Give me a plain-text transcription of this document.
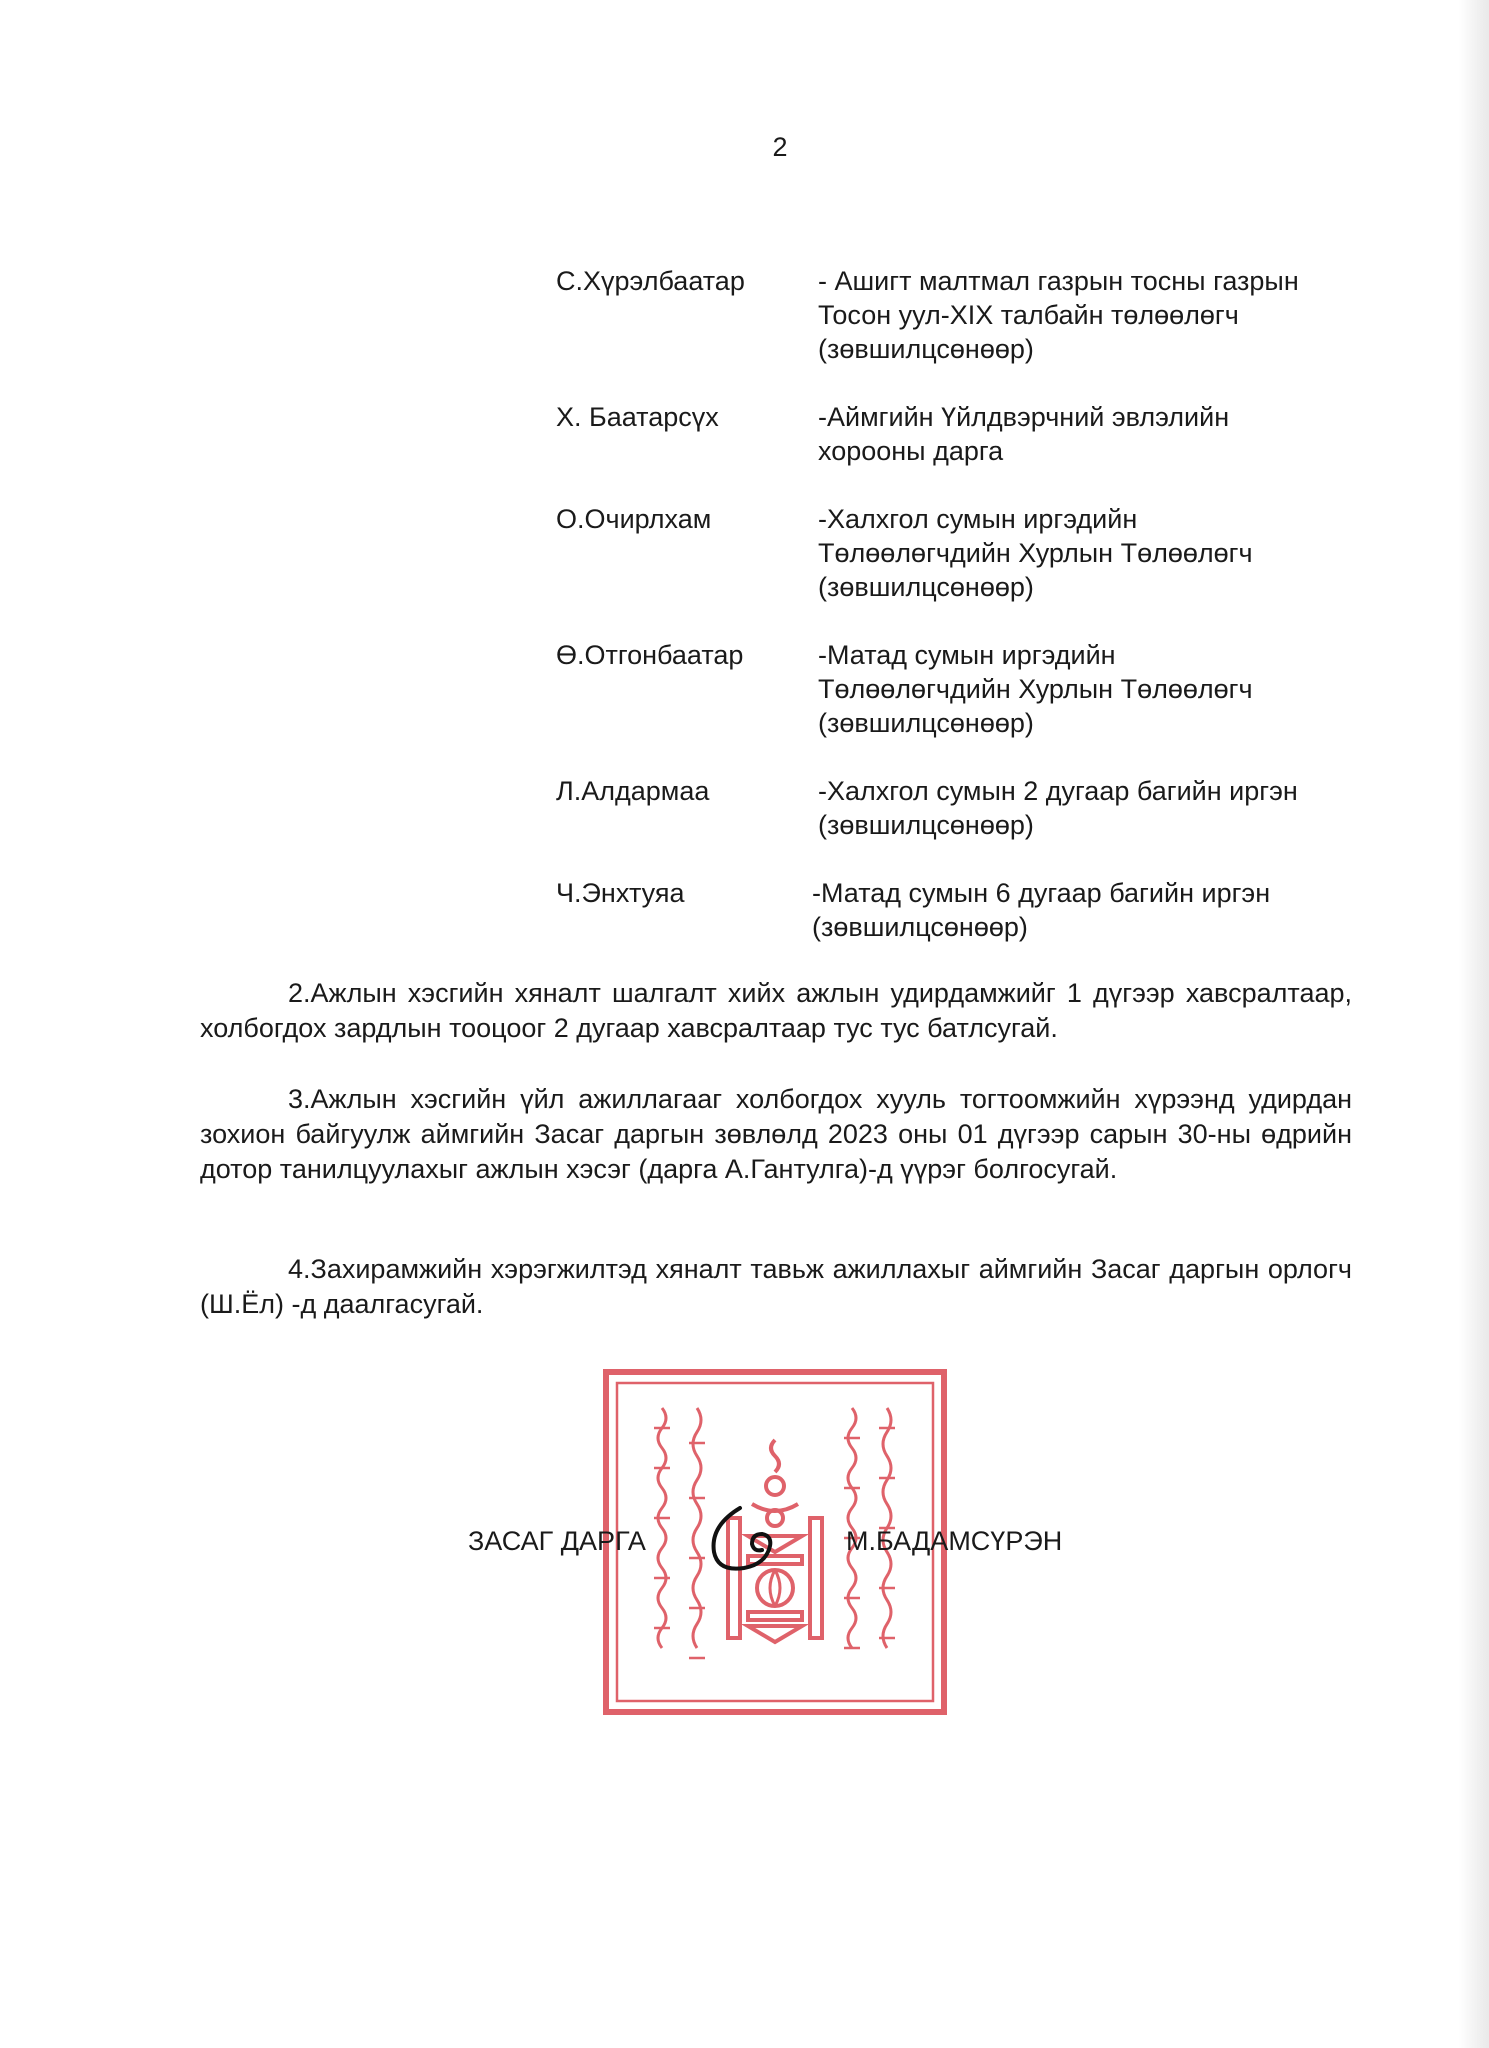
2
С.Хүрэлбаатар	- Ашигт малтмал газрын тосны газрын
Тосон уул-XIX талбайн төлөөлөгч
(зөвшилцсөнөөр)
Х. Баатарсүх	-Аймгийн Үйлдвэрчний эвлэлийн
хорооны дарга
О.Очирлхам	-Халхгол сумын иргэдийн
Төлөөлөгчдийн Хурлын Төлөөлөгч
(зөвшилцсөнөөр)
Ө.Отгонбаатар	-Матад сумын иргэдийн
Төлөөлөгчдийн Хурлын Төлөөлөгч
(зөвшилцсөнөөр)
Л.Алдармаа	-Халхгол сумын 2 дугаар багийн иргэн
(зөвшилцсөнөөр)
Ч.Энхтуяа	-Матад сумын 6 дугаар багийн иргэн
(зөвшилцсөнөөр)
2.Ажлын хэсгийн хяналт шалгалт хийх ажлын удирдамжийг 1 дүгээр хавсралтаар, холбогдох зардлын тооцоог 2 дугаар хавсралтаар тус тус батлсугай.
3.Ажлын хэсгийн үйл ажиллагааг холбогдох хууль тогтоомжийн хүрээнд удирдан зохион байгуулж аймгийн Засаг даргын зөвлөлд 2023 оны 01 дүгээр сарын 30-ны өдрийн дотор танилцуулахыг ажлын хэсэг (дарга А.Гантулга)-д үүрэг болгосугай.
4.Захирамжийн хэрэгжилтэд хяналт тавьж ажиллахыг аймгийн Засаг даргын орлогч (Ш.Ёл) -д даалгасугай.
ЗАСАГ ДАРГА	М.БАДАМСҮРЭН
